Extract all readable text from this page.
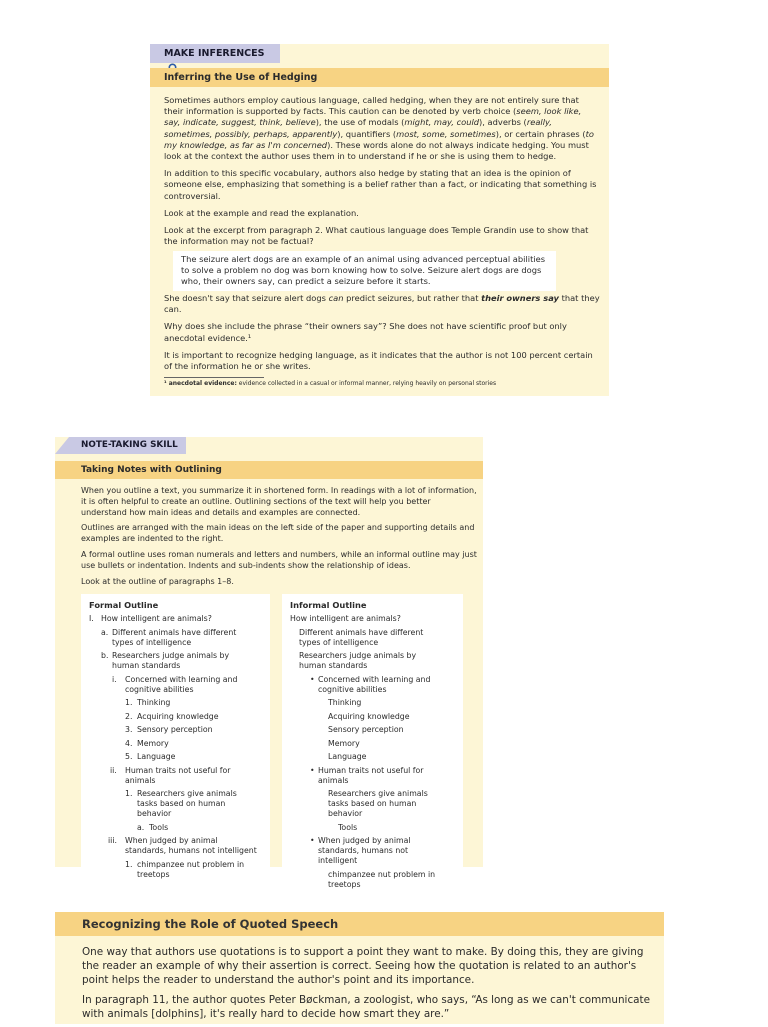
MAKE INFERENCES
Inferring the Use of Hedging

Sometimes authors employ cautious language, called hedging, when they are not entirely sure that their information is supported by facts. This caution can be denoted by verb choice (seem, look like, say, indicate, suggest, think, believe), the use of modals (might, may, could), adverbs (really, sometimes, possibly, perhaps, apparently), quantifiers (most, some, sometimes), or certain phrases (to my knowledge, as far as I'm concerned). These words alone do not always indicate hedging. You must look at the context the author uses them in to understand if he or she is using them to hedge.

In addition to this specific vocabulary, authors also hedge by stating that an idea is the opinion of someone else, emphasizing that something is a belief rather than a fact, or indicating that something is controversial.

Look at the example and read the explanation.

Look at the excerpt from paragraph 2. What cautious language does Temple Grandin use to show that the information may not be factual?

The seizure alert dogs are an example of an animal using advanced perceptual abilities to solve a problem no dog was born knowing how to solve. Seizure alert dogs are dogs who, their owners say, can predict a seizure before it starts.

She doesn't say that seizure alert dogs can predict seizures, but rather that their owners say that they can.

Why does she include the phrase “their owners say”? She does not have scientific proof but only anecdotal evidence.¹

It is important to recognize hedging language, as it indicates that the author is not 100 percent certain of the information he or she writes.

¹ anecdotal evidence: evidence collected in a casual or informal manner, relying heavily on personal stories
NOTE-TAKING SKILL
Taking Notes with Outlining

When you outline a text, you summarize it in shortened form. In readings with a lot of information, it is often helpful to create an outline. Outlining sections of the text will help you better understand how main ideas and details and examples are connected.

Outlines are arranged with the main ideas on the left side of the paper and supporting details and examples are indented to the right.

A formal outline uses roman numerals and letters and numbers, while an informal outline may just use bullets or indentation. Indents and sub-indents show the relationship of ideas.

Look at the outline of paragraphs 1–8.

Formal Outline
I. How intelligent are animals?
a. Different animals have different types of intelligence
b. Researchers judge animals by human standards
i. Concerned with learning and cognitive abilities
1. Thinking
2. Acquiring knowledge
3. Sensory perception
4. Memory
5. Language
ii. Human traits not useful for animals
1. Researchers give animals tasks based on human behavior
a. Tools
iii. When judged by animal standards, humans not intelligent
1. chimpanzee nut problem in treetops
Informal Outline
How intelligent are animals?
Different animals have different types of intelligence
Researchers judge animals by human standards
• Concerned with learning and cognitive abilities
Thinking
Acquiring knowledge
Sensory perception
Memory
Language
• Human traits not useful for animals
Researchers give animals tasks based on human behavior
Tools
• When judged by animal standards, humans not intelligent
chimpanzee nut problem in treetops
Recognizing the Role of Quoted Speech

One way that authors use quotations is to support a point they want to make. By doing this, they are giving the reader an example of why their assertion is correct. Seeing how the quotation is related to an author's point helps the reader to understand the author's point and its importance.

In paragraph 11, the author quotes Peter Bøckman, a zoologist, who says, “As long as we can't communicate with animals [dolphins], it's really hard to decide how smart they are.”
